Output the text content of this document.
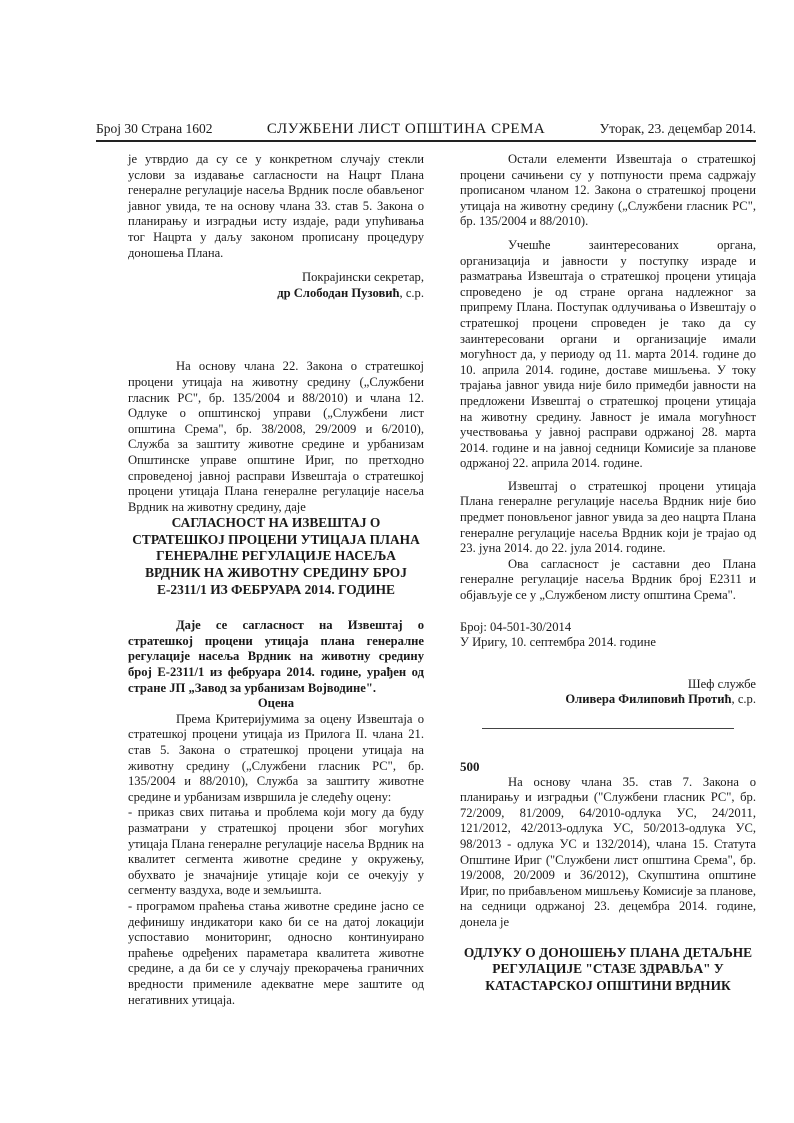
Број 30 Страна 1602	СЛУЖБЕНИ ЛИСТ ОПШТИНА СРЕМА	Уторак, 23. децембар 2014.

је утврдио да су се у конкретном случају стекли услови за издавање сагласности на Нацрт Плана генералне регулације насеља Врдник после обављеног јавног увида, те на основу члана 33. став 5. Закона о планирању и изградњи исту издаје, ради упућивања тог Нацрта у даљу законом прописану процедуру доношења Плана.

Покрајински секретар,

др Слободан Пузовић, с.р.

На основу члана 22. Закона о стратешкој процени утицаја на животну средину („Службени гласник РС", бр. 135/2004 и 88/2010) и члана 12. Одлуке о општинској управи („Службени лист општина Срема", бр. 38/2008, 29/2009 и 6/2010), Служба за заштиту животне средине и урбанизам Општинске управе општине Ириг, по претходно спроведеној јавној расправи Извештаја о стратешкој процени утицаја Плана генералне регулације насеља Врдник на животну средину, даје

САГЛАСНОСТ НА ИЗВЕШТАЈ О СТРАТЕШКОЈ ПРОЦЕНИ УТИЦАЈА ПЛАНА ГЕНЕРАЛНЕ РЕГУЛАЦИЈЕ НАСЕЉА ВРДНИК НА ЖИВОТНУ СРЕДИНУ БРОЈ Е-2311/1 ИЗ ФЕБРУАРА 2014. ГОДИНЕ

Даје се сагласност на Извештај о стратешкој процени утицаја плана генералне регулације насеља Врдник на животну средину број Е-2311/1 из фебруара 2014. године, урађен од стране ЈП „Завод за урбанизам Војводине".

Оцена

Према Критеријумима за оцену Извештаја о стратешкој процени утицаја из Прилога II. члана 21. став 5. Закона о стратешкој процени утицаја на животну средину („Службени гласник РС", бр. 135/2004 и 88/2010), Служба за заштиту животне средине и урбанизам извршила је следећу оцену:

- приказ свих питања и проблема који могу да буду разматрани у стратешкој процени због могућих утицаја Плана генералне регулације насеља Врдник на квалитет сегмента животне средине у окружењу, обухвато је значајније утицаје који се очекују у сегменту ваздуха, воде и земљишта.

- програмом праћења стања животне средине јасно се дефинишу индикатори како би се на датој локацији успоставио мониторинг, односно континуирано праћење одређених параметара квалитета животне средине, а да би се у случају прекорачења граничних вредности примениле адекватне мере заштите од негативних утицаја.

Остали елементи Извештаја о стратешкој процени сачињени су у потпуности према садржају прописаном чланом 12. Закона о стратешкој процени утицаја на животну средину („Службени гласник РС", бр. 135/2004 и 88/2010).

Учешће заинтересованих органа, организација и јавности у поступку израде и разматрања Извештаја о стратешкој процени утицаја спроведено је од стране органа надлежног за припрему Плана. Поступак одлучивања о Извештају о стратешкој процени спроведен је тако да су заинтересовани органи и организације имали могућност да, у периоду од 11. марта 2014. године до 10. априла 2014. године, доставе мишљења. У току трајања јавног увида није било примедби јавности на предложени Извештај о стратешкој процени утицаја на животну средину. Јавност је имала могућност учествовања у јавној расправи одржаној 28. марта 2014. године и на јавној седници Комисије за планове одржаној 22. априла 2014. године.

Извештај о стратешкој процени утицаја Плана генералне регулације насеља Врдник није био предмет поновљеног јавног увида за део нацрта Плана генералне регулације насеља Врдник који је трајао од 23. јуна 2014. до 22. јула 2014. године.

Ова сагласност је саставни део Плана генералне регулације насеља Врдник број Е2311 и објављује се у „Службеном листу општина Срема".

Број: 04-501-30/2014

У Иригу, 10. септембра 2014. године

Шеф службе

Оливера Филиповић Протић, с.р.

500

На основу члана 35. став 7. Закона о планирању и изградњи ("Службени гласник РС", бр. 72/2009, 81/2009, 64/2010-одлука УС, 24/2011, 121/2012, 42/2013-одлука УС, 50/2013-одлука УС, 98/2013 - одлука УС и 132/2014), члана 15. Статута Општине Ириг ("Службени лист општина Срема", бр. 19/2008, 20/2009 и 36/2012), Скупштина општине Ириг, по прибављеном мишљењу Комисије за планове, на седници одржаној 23. децембра 2014. године, донела је

ОДЛУКУ О ДОНОШЕЊУ ПЛАНА ДЕТАЉНЕ РЕГУЛАЦИЈЕ "СТАЗЕ ЗДРАВЉА" У КАТАСТАРСКОЈ ОПШТИНИ ВРДНИК
